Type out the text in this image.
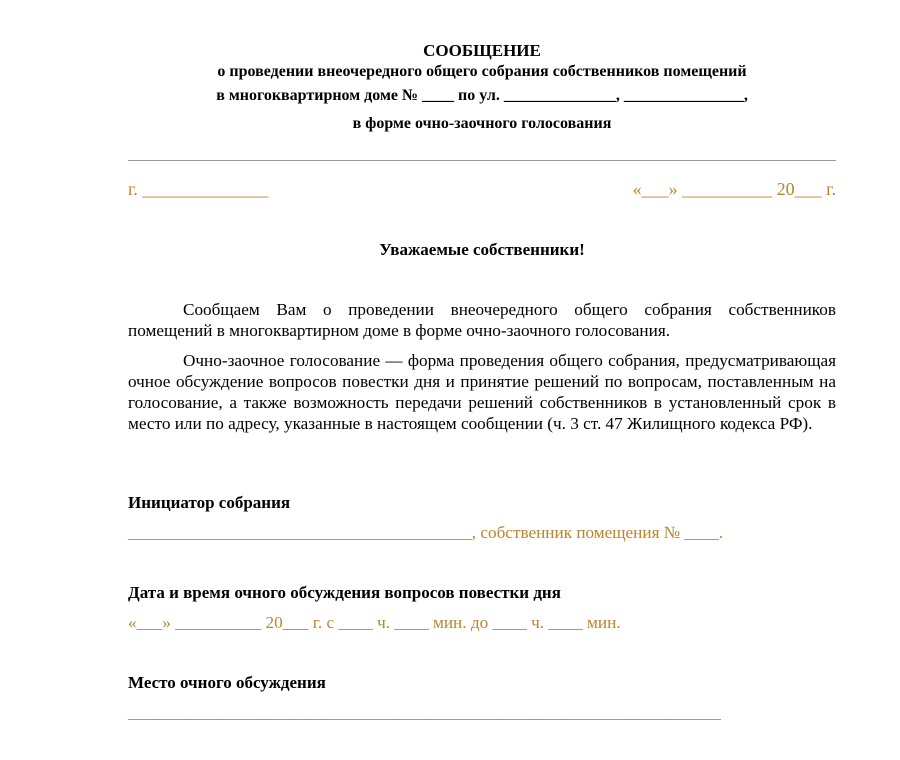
СООБЩЕНИЕ
о проведении внеочередного общего собрания собственников помещений
в многоквартирном доме № ____ по ул. ______________, _______________,
в форме очно-заочного голосования
г. ______________	«___» __________ 20___ г.
Уважаемые собственники!

Сообщаем Вам о проведении внеочередного общего собрания собственников помещений в многоквартирном доме в форме очно-заочного голосования.

Очно-заочное голосование — форма проведения общего собрания, предусматривающая очное обсуждение вопросов повестки дня и принятие решений по вопросам, поставленным на голосование, а также возможность передачи решений собственников в установленный срок в место или по адресу, указанные в настоящем сообщении (ч. 3 ст. 47 Жилищного кодекса РФ).

Инициатор собрания
________________________________________, собственник помещения № ____.
Дата и время очного обсуждения вопросов повестки дня
«___» __________ 20___ г. с ____ ч. ____ мин. до ____ ч. ____ мин.
Место очного обсуждения
_____________________________________________________________________
